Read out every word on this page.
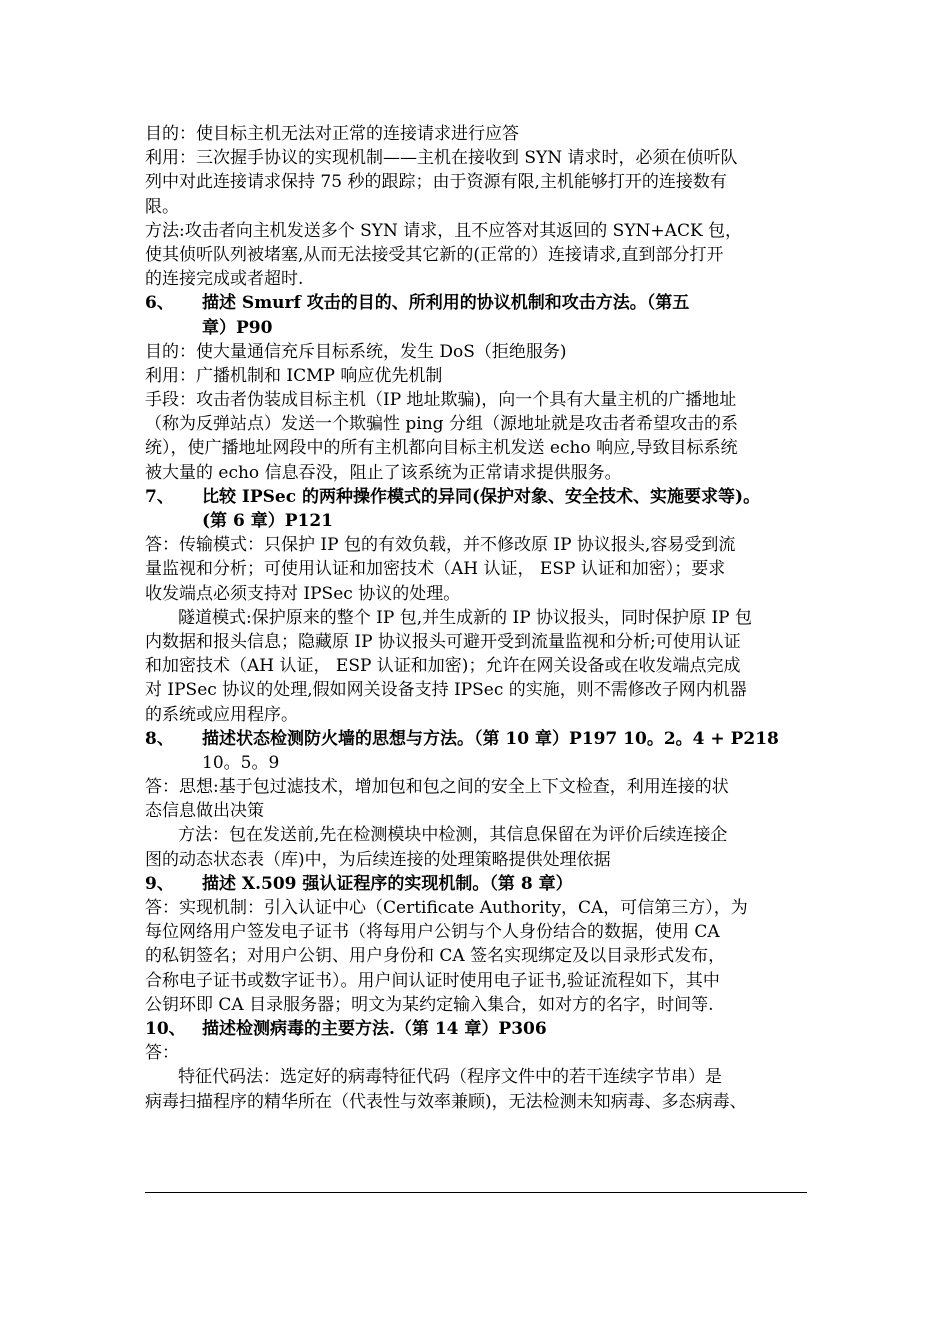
目的：使目标主机无法对正常的连接请求进行应答
利用：三次握手协议的实现机制——主机在接收到 SYN 请求时，必须在侦听队
列中对此连接请求保持 75 秒的跟踪；由于资源有限,主机能够打开的连接数有
限。
方法:攻击者向主机发送多个 SYN 请求，且不应答对其返回的 SYN+ACK 包，
使其侦听队列被堵塞,从而无法接受其它新的(正常的）连接请求,直到部分打开
的连接完成或者超时.
6、	描述 Smurf 攻击的目的、所利用的协议机制和攻击方法。（第五
章）P90
目的：使大量通信充斥目标系统，发生 DoS（拒绝服务)
利用：广播机制和 ICMP 响应优先机制
手段：攻击者伪装成目标主机（IP 地址欺骗)，向一个具有大量主机的广播地址
（称为反弹站点）发送一个欺骗性 ping 分组（源地址就是攻击者希望攻击的系
统），使广播地址网段中的所有主机都向目标主机发送 echo 响应,导致目标系统
被大量的 echo 信息吞没，阻止了该系统为正常请求提供服务。
7、	比较 IPSec 的两种操作模式的异同(保护对象、安全技术、实施要求等)。
(第 6 章）P121
答：传输模式：只保护 IP 包的有效负载，并不修改原 IP 协议报头,容易受到流
量监视和分析；可使用认证和加密技术（AH 认证， ESP 认证和加密）；要求
收发端点必须支持对 IPSec 协议的处理。
隧道模式:保护原来的整个 IP 包,并生成新的 IP 协议报头，同时保护原 IP 包
内数据和报头信息；隐藏原 IP 协议报头可避开受到流量监视和分析;可使用认证
和加密技术（AH 认证， ESP 认证和加密)；允许在网关设备或在收发端点完成
对 IPSec 协议的处理,假如网关设备支持 IPSec 的实施，则不需修改子网内机器
的系统或应用程序。
8、	描述状态检测防火墙的思想与方法。（第 10 章）P197 10。2。4 + P218
10。5。9
答：思想:基于包过滤技术，增加包和包之间的安全上下文检查，利用连接的状
态信息做出决策
方法：包在发送前,先在检测模块中检测，其信息保留在为评价后续连接企
图的动态状态表（库)中，为后续连接的处理策略提供处理依据
9、	描述 X.509 强认证程序的实现机制。（第 8 章）
答：实现机制：引入认证中心（Certificate Authority，CA，可信第三方），为
每位网络用户签发电子证书（将每用户公钥与个人身份结合的数据，使用 CA
的私钥签名；对用户公钥、用户身份和 CA 签名实现绑定及以目录形式发布，
合称电子证书或数字证书）。用户间认证时使用电子证书,验证流程如下，其中
公钥环即 CA 目录服务器；明文为某约定输入集合，如对方的名字，时间等.
10、 描述检测病毒的主要方法.（第 14 章）P306
答：
特征代码法：选定好的病毒特征代码（程序文件中的若干连续字节串）是
病毒扫描程序的精华所在（代表性与效率兼顾)，无法检测未知病毒、多态病毒、
